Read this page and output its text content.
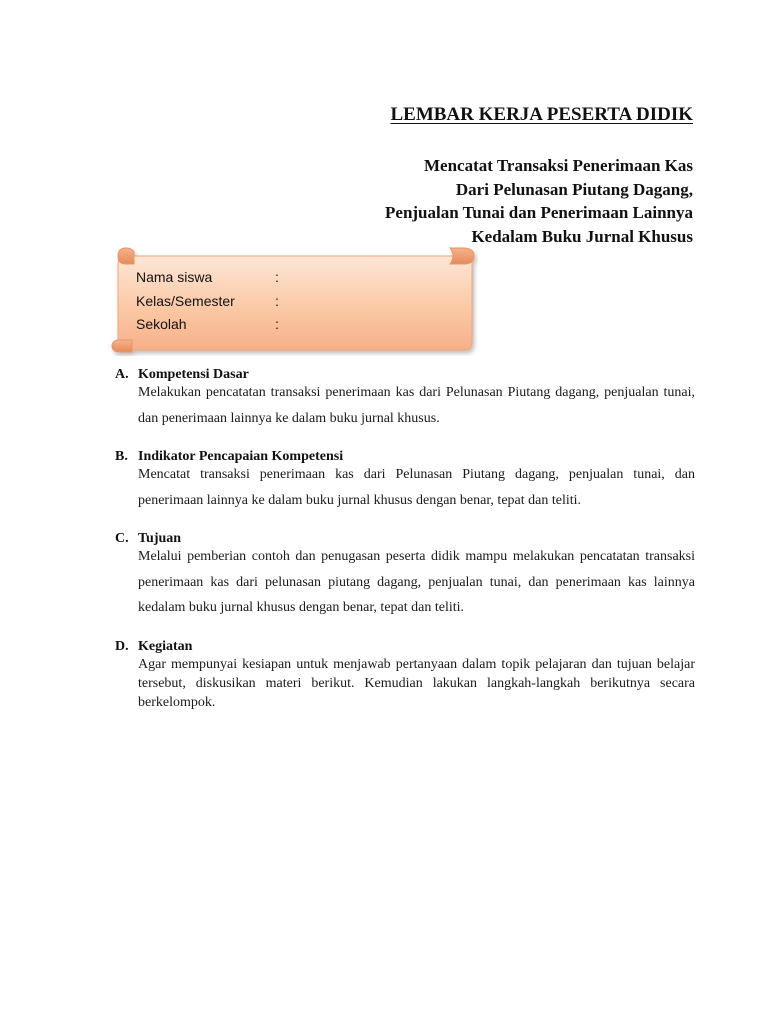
LEMBAR KERJA PESERTA DIDIK
Mencatat Transaksi Penerimaan Kas
Dari Pelunasan Piutang Dagang,
Penjualan Tunai dan Penerimaan Lainnya
Kedalam Buku Jurnal Khusus
Nama siswa	:
Kelas/Semester	:
Sekolah	:
A. Kompetensi Dasar
Melakukan pencatatan transaksi penerimaan kas dari Pelunasan Piutang dagang, penjualan tunai, dan penerimaan lainnya ke dalam buku jurnal khusus.
B. Indikator Pencapaian Kompetensi
Mencatat transaksi penerimaan kas dari Pelunasan Piutang dagang, penjualan tunai, dan penerimaan lainnya ke dalam buku jurnal khusus dengan benar, tepat dan teliti.
C. Tujuan
Melalui pemberian contoh dan penugasan peserta didik mampu melakukan pencatatan transaksi penerimaan kas dari pelunasan piutang dagang, penjualan tunai, dan penerimaan kas lainnya kedalam buku jurnal khusus dengan benar, tepat dan teliti.
D. Kegiatan
Agar mempunyai kesiapan untuk menjawab pertanyaan dalam topik pelajaran dan tujuan belajar tersebut, diskusikan materi berikut. Kemudian lakukan langkah-langkah berikutnya secara berkelompok.
